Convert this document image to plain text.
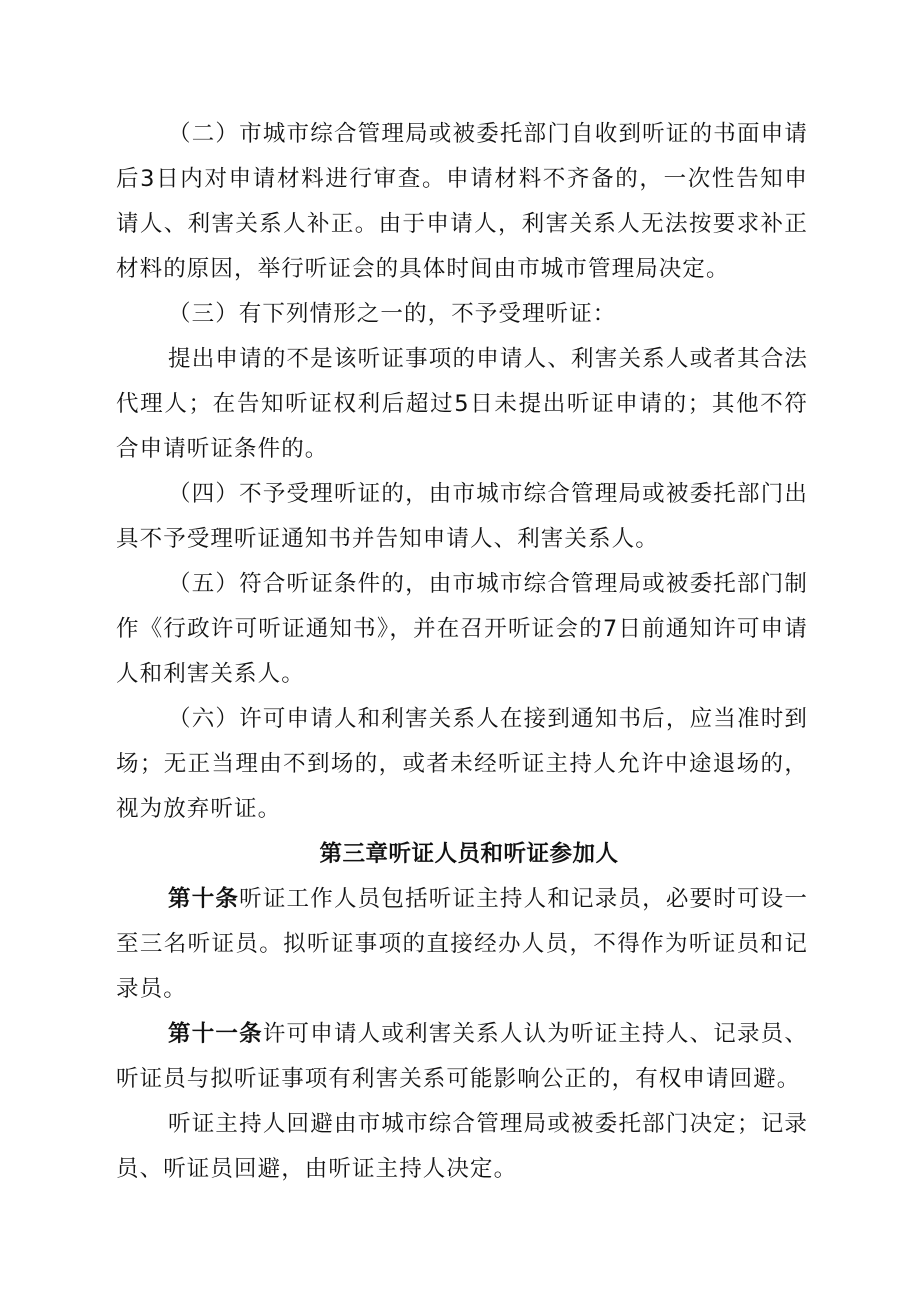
（二）市城市综合管理局或被委托部门自收到听证的书面申请后3日内对申请材料进行审查。申请材料不齐备的，一次性告知申请人、利害关系人补正。由于申请人，利害关系人无法按要求补正材料的原因，举行听证会的具体时间由市城市管理局决定。

（三）有下列情形之一的，不予受理听证：

提出申请的不是该听证事项的申请人、利害关系人或者其合法代理人；在告知听证权利后超过5日未提出听证申请的；其他不符合申请听证条件的。

（四）不予受理听证的，由市城市综合管理局或被委托部门出具不予受理听证通知书并告知申请人、利害关系人。

（五）符合听证条件的，由市城市综合管理局或被委托部门制作《行政许可听证通知书》，并在召开听证会的7日前通知许可申请人和利害关系人。

（六）许可申请人和利害关系人在接到通知书后，应当准时到场；无正当理由不到场的，或者未经听证主持人允许中途退场的，视为放弃听证。

第三章听证人员和听证参加人

第十条听证工作人员包括听证主持人和记录员，必要时可设一至三名听证员。拟听证事项的直接经办人员，不得作为听证员和记录员。

第十一条许可申请人或利害关系人认为听证主持人、记录员、听证员与拟听证事项有利害关系可能影响公正的，有权申请回避。

听证主持人回避由市城市综合管理局或被委托部门决定；记录员、听证员回避，由听证主持人决定。
